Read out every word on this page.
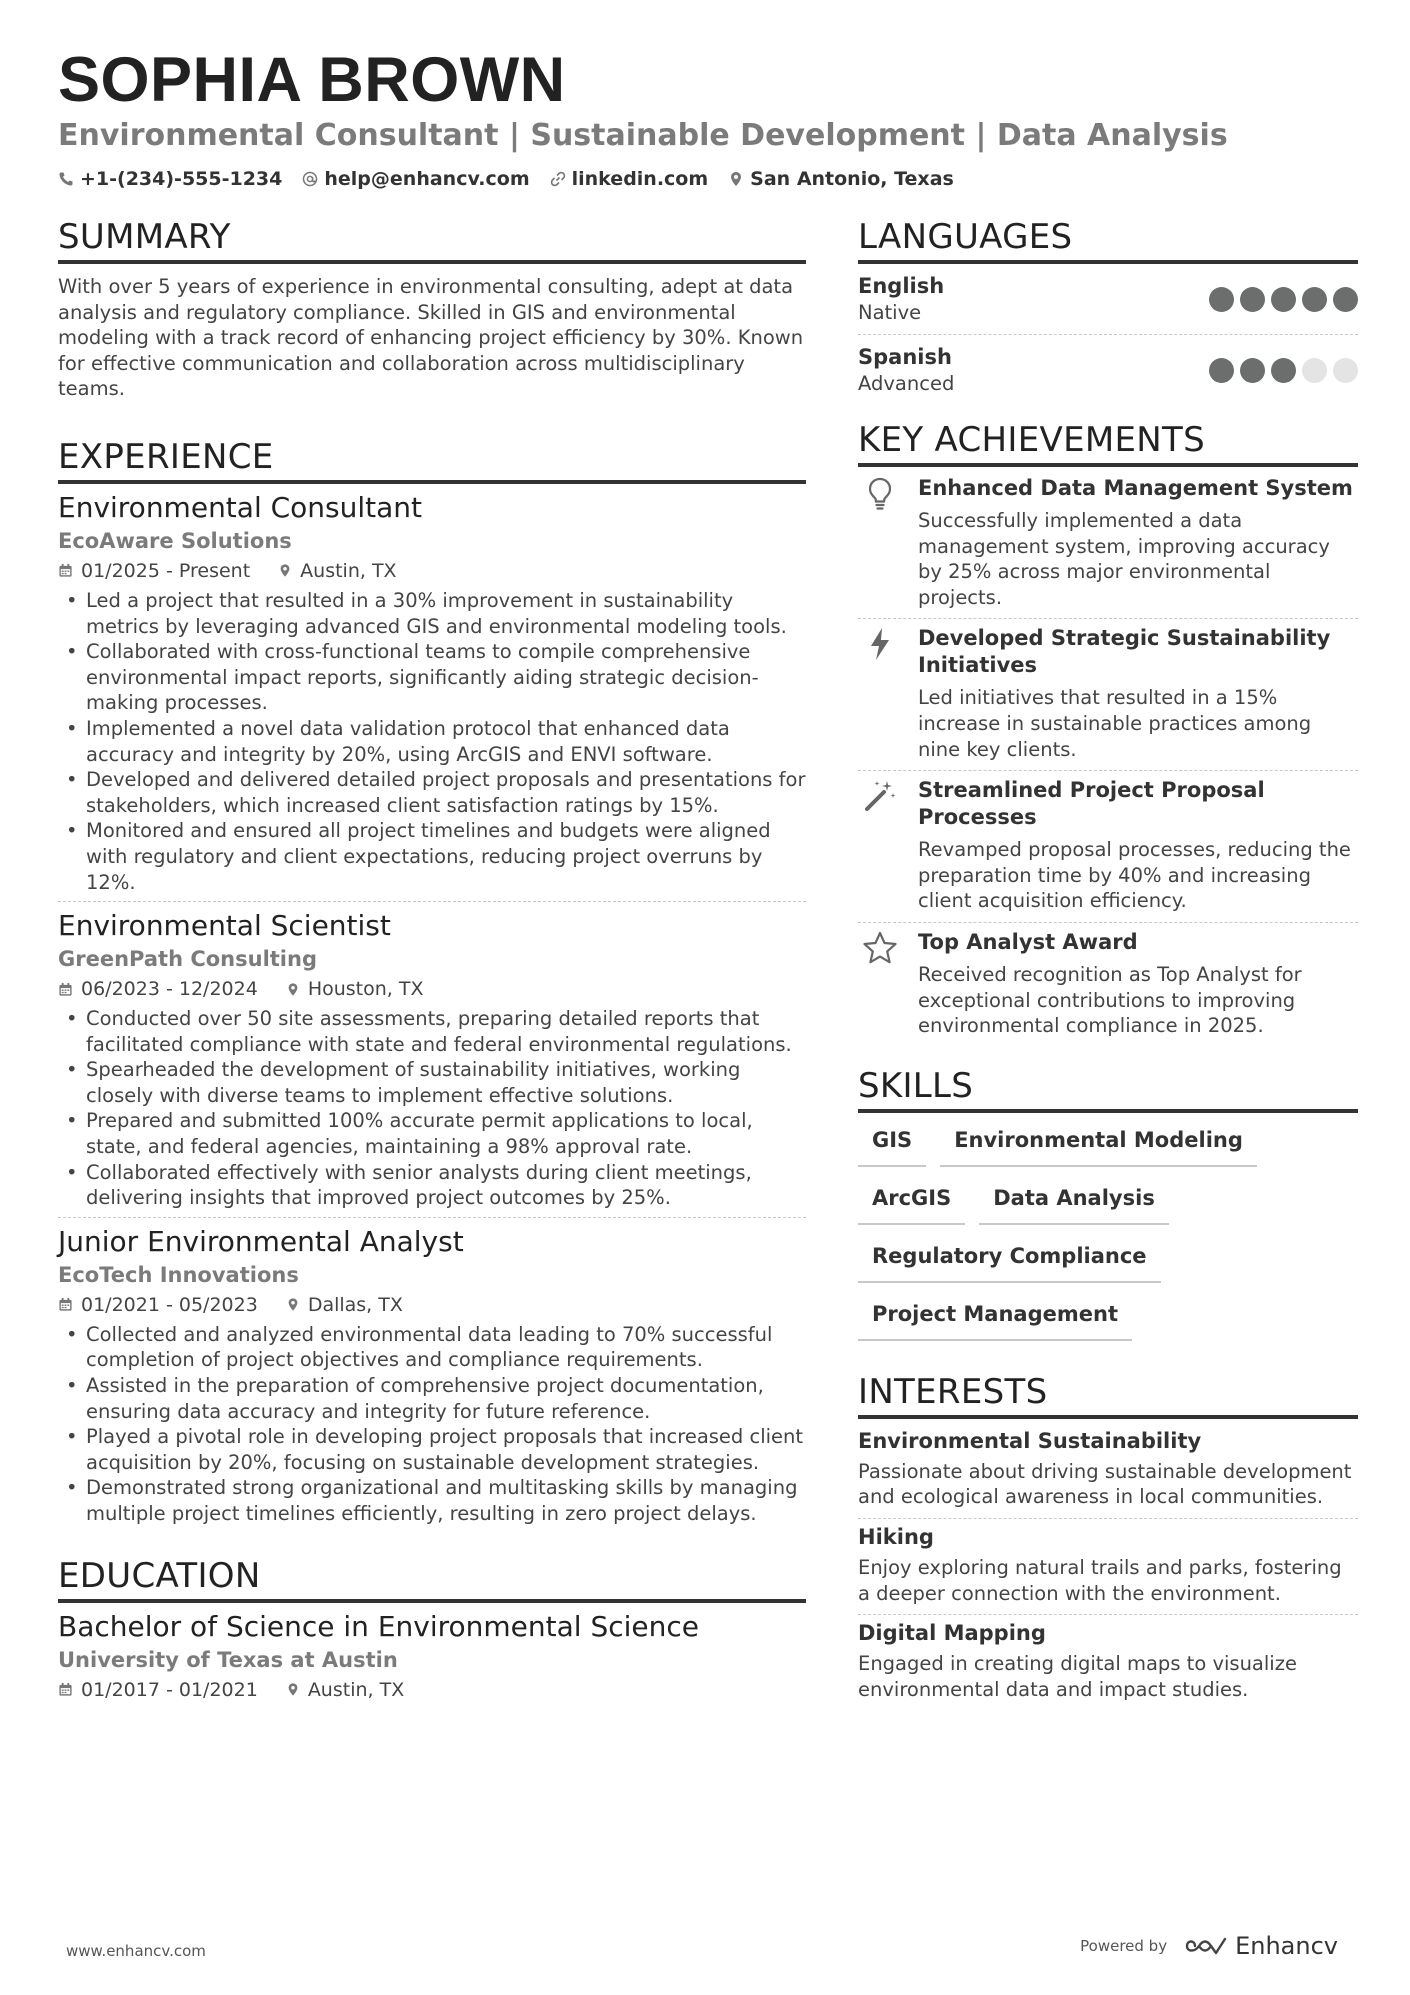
SOPHIA BROWN
Environmental Consultant | Sustainable Development | Data Analysis
+1-(234)-555-1234 help@enhancv.com linkedin.com San Antonio, Texas
SUMMARY
With over 5 years of experience in environmental consulting, adept at data analysis and regulatory compliance. Skilled in GIS and environmental modeling with a track record of enhancing project efficiency by 30%. Known for effective communication and collaboration across multidisciplinary teams.
EXPERIENCE
Environmental Consultant
EcoAware Solutions
01/2025 - Present	Austin, TX
• Led a project that resulted in a 30% improvement in sustainability metrics by leveraging advanced GIS and environmental modeling tools.
• Collaborated with cross-functional teams to compile comprehensive environmental impact reports, significantly aiding strategic decision-making processes.
• Implemented a novel data validation protocol that enhanced data accuracy and integrity by 20%, using ArcGIS and ENVI software.
• Developed and delivered detailed project proposals and presentations for stakeholders, which increased client satisfaction ratings by 15%.
• Monitored and ensured all project timelines and budgets were aligned with regulatory and client expectations, reducing project overruns by 12%.
Environmental Scientist
GreenPath Consulting
06/2023 - 12/2024	Houston, TX
• Conducted over 50 site assessments, preparing detailed reports that facilitated compliance with state and federal environmental regulations.
• Spearheaded the development of sustainability initiatives, working closely with diverse teams to implement effective solutions.
• Prepared and submitted 100% accurate permit applications to local, state, and federal agencies, maintaining a 98% approval rate.
• Collaborated effectively with senior analysts during client meetings, delivering insights that improved project outcomes by 25%.
Junior Environmental Analyst
EcoTech Innovations
01/2021 - 05/2023	Dallas, TX
• Collected and analyzed environmental data leading to 70% successful completion of project objectives and compliance requirements.
• Assisted in the preparation of comprehensive project documentation, ensuring data accuracy and integrity for future reference.
• Played a pivotal role in developing project proposals that increased client acquisition by 20%, focusing on sustainable development strategies.
• Demonstrated strong organizational and multitasking skills by managing multiple project timelines efficiently, resulting in zero project delays.
EDUCATION
Bachelor of Science in Environmental Science
University of Texas at Austin
01/2017 - 01/2021	Austin, TX
LANGUAGES
English
Native
Spanish
Advanced
KEY ACHIEVEMENTS
Enhanced Data Management System
Successfully implemented a data management system, improving accuracy by 25% across major environmental projects.
Developed Strategic Sustainability Initiatives
Led initiatives that resulted in a 15% increase in sustainable practices among nine key clients.
Streamlined Project Proposal Processes
Revamped proposal processes, reducing the preparation time by 40% and increasing client acquisition efficiency.
Top Analyst Award
Received recognition as Top Analyst for exceptional contributions to improving environmental compliance in 2025.
SKILLS
GIS	Environmental Modeling
ArcGIS	Data Analysis
Regulatory Compliance
Project Management
INTERESTS
Environmental Sustainability
Passionate about driving sustainable development and ecological awareness in local communities.
Hiking
Enjoy exploring natural trails and parks, fostering a deeper connection with the environment.
Digital Mapping
Engaged in creating digital maps to visualize environmental data and impact studies.
www.enhancv.com	Powered by	Enhancv
